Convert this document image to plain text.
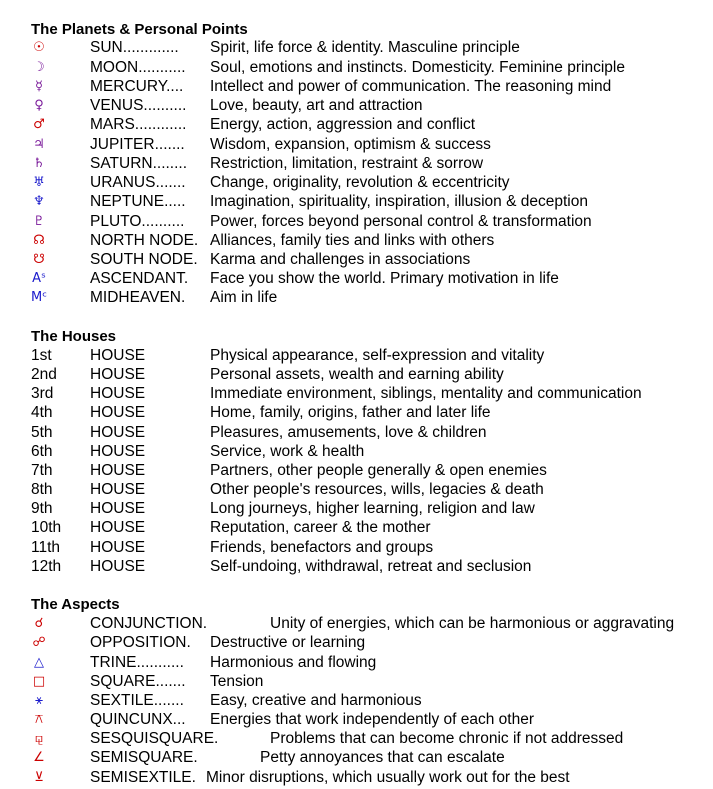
The Planets & Personal Points
☉	SUN............. Spirit, life force & identity. Masculine principle
☽	MOON........... Soul, emotions and instincts. Domesticity. Feminine principle
☿	MERCURY.... Intellect and power of communication. The reasoning mind
♀	VENUS.......... Love, beauty, art and attraction
♂	MARS............ Energy, action, aggression and conflict
♃	JUPITER....... Wisdom, expansion, optimism & success
♄	SATURN........ Restriction, limitation, restraint & sorrow
♅	URANUS....... Change, originality, revolution & eccentricity
♆	NEPTUNE..... Imagination, spirituality, inspiration, illusion & deception
♇	PLUTO.......... Power, forces beyond personal control & transformation
☊	NORTH NODE. Alliances, family ties and links with others
☋	SOUTH NODE. Karma and challenges in associations
Aˢ	ASCENDANT. Face you show the world. Primary motivation in life
Mᶜ	MIDHEAVEN. Aim in life
The Houses
1st HOUSE	Physical appearance, self-expression and vitality
2nd HOUSE	Personal assets, wealth and earning ability
3rd HOUSE	Immediate environment, siblings, mentality and communication
4th HOUSE	Home, family, origins, father and later life
5th HOUSE	Pleasures, amusements, love & children
6th HOUSE	Service, work & health
7th HOUSE	Partners, other people generally & open enemies
8th HOUSE	Other people's resources, wills, legacies & death
9th HOUSE	Long journeys, higher learning, religion and law
10th HOUSE	Reputation, career & the mother
11th HOUSE	Friends, benefactors and groups
12th HOUSE	Self-undoing, withdrawal, retreat and seclusion
The Aspects
☌	CONJUNCTION.	Unity of energies, which can be harmonious or aggravating
☍	OPPOSITION. Destructive or learning
△	TRINE........... Harmonious and flowing
□	SQUARE....... Tension
⚹	SEXTILE....... Easy, creative and harmonious
⚻	QUINCUNX... Energies that work independently of each other
⚼	SESQUISQUARE.	Problems that can become chronic if not addressed
∠	SEMISQUARE.	Petty annoyances that can escalate
⊻	SEMISEXTILE. Minor disruptions, which usually work out for the best
